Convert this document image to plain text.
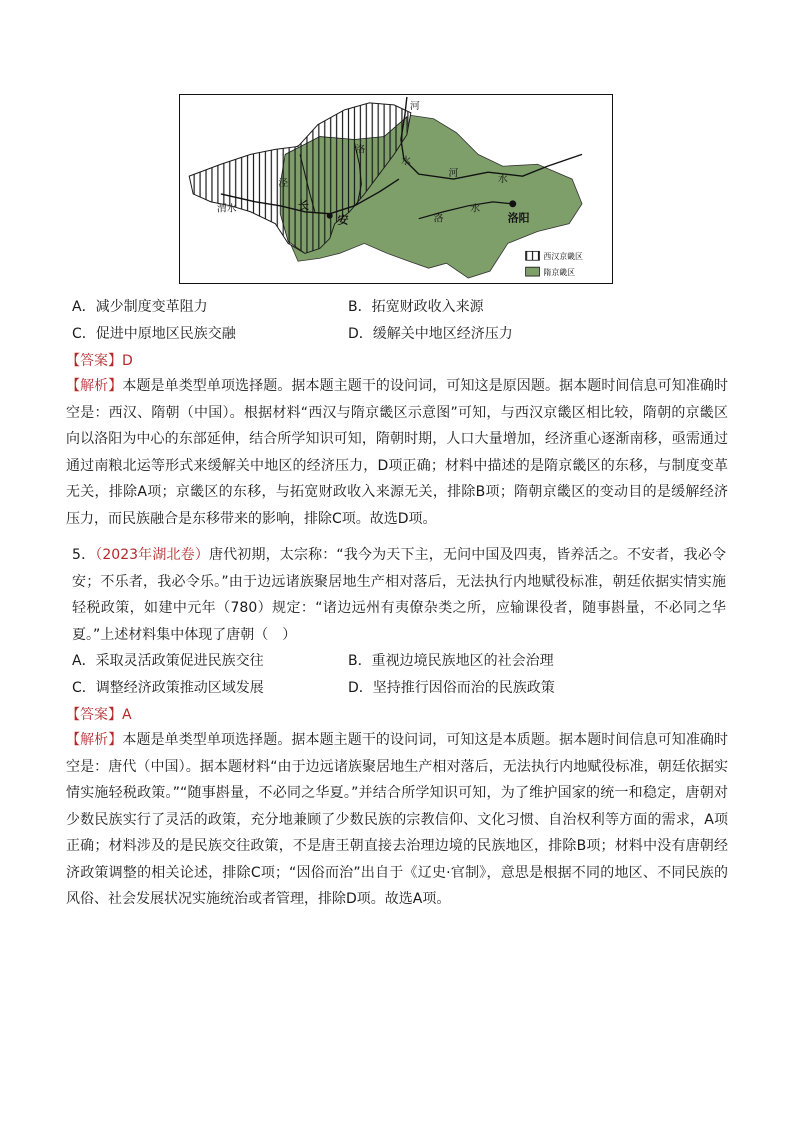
河
洛
水
泾
渭水	长
安	洛阳
河
水
洛
水
西汉京畿区
隋京畿区
A．减少制度变革阻力	B．拓宽财政收入来源
C．促进中原地区民族交融	D．缓解关中地区经济压力
【答案】D
【解析】本题是单类型单项选择题。据本题主题干的设问词，可知这是原因题。据本题时间信息可知准确时空是：西汉、隋朝（中国）。根据材料“西汉与隋京畿区示意图”可知，与西汉京畿区相比较，隋朝的京畿区向以洛阳为中心的东部延伸，结合所学知识可知，隋朝时期，人口大量增加，经济重心逐渐南移，亟需通过通过南粮北运等形式来缓解关中地区的经济压力，D项正确；材料中描述的是隋京畿区的东移，与制度变革无关，排除A项；京畿区的东移，与拓宽财政收入来源无关，排除B项；隋朝京畿区的变动目的是缓解经济压力，而民族融合是东移带来的影响，排除C项。故选D项。
5．（2023年湖北卷）唐代初期，太宗称：“我今为天下主，无问中国及四夷，皆养活之。不安者，我必令安；不乐者，我必令乐。”由于边远诸族聚居地生产相对落后，无法执行内地赋役标准，朝廷依据实情实施轻税政策，如建中元年（780）规定：“诸边远州有夷僚杂类之所，应输课役者，随事斟量，不必同之华夏。”上述材料集中体现了唐朝（　）
A．采取灵活政策促进民族交往	B．重视边境民族地区的社会治理
C．调整经济政策推动区域发展	D．坚持推行因俗而治的民族政策
【答案】A
【解析】本题是单类型单项选择题。据本题主题干的设问词，可知这是本质题。据本题时间信息可知准确时空是：唐代（中国）。据本题材料“由于边远诸族聚居地生产相对落后，无法执行内地赋役标准，朝廷依据实情实施轻税政策。”“随事斟量，不必同之华夏。”并结合所学知识可知，为了维护国家的统一和稳定，唐朝对少数民族实行了灵活的政策，充分地兼顾了少数民族的宗教信仰、文化习惯、自治权利等方面的需求，A项正确；材料涉及的是民族交往政策，不是唐王朝直接去治理边境的民族地区，排除B项；材料中没有唐朝经济政策调整的相关论述，排除C项；“因俗而治”出自于《辽史·官制》，意思是根据不同的地区、不同民族的风俗、社会发展状况实施统治或者管理，排除D项。故选A项。
